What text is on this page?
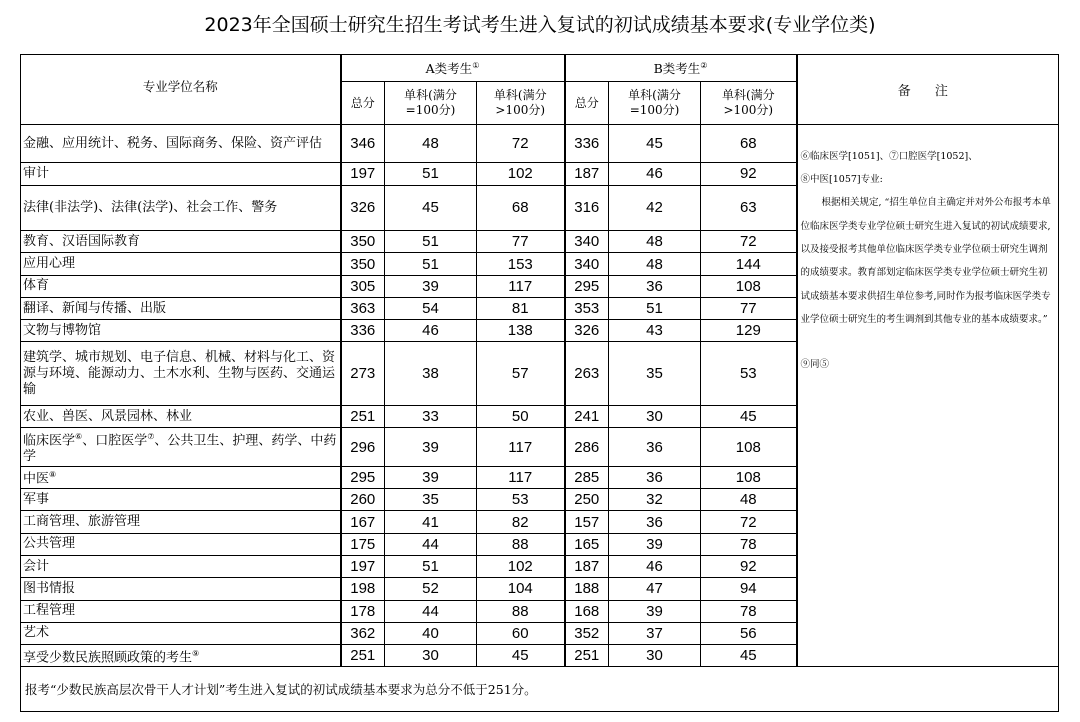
2023年全国硕士研究生招生考试考生进入复试的初试成绩基本要求(专业学位类)
专业学位名称	A类考生①			B类考生②			备 注
	总分	单科(满分
=100分)	单科(满分
>100分)	总分	单科(满分
=100分)	单科(满分
>100分)	
金融、应用统计、税务、国际商务、保险、资产评估	346	48	72	336	45	68	⑥临床医学[1051]、⑦口腔医学[1052]、

⑧中医[1057]专业:

根据相关规定, “招生单位自主确定并对外公布报考本单位临床医学类专业学位硕士研究生进入复试的初试成绩要求,以及接受报考其他单位临床医学类专业学位硕士研究生调剂的成绩要求。教育部划定临床医学类专业学位硕士研究生初试成绩基本要求供招生单位参考,同时作为报考临床医学类专业学位硕士研究生的考生调剂到其他专业的基本成绩要求。”

⑨同⑤

审计	197	51	102	187	46	92	
法律(非法学)、法律(法学)、社会工作、警务	326	45	68	316	42	63	
教育、汉语国际教育	350	51	77	340	48	72	
应用心理	350	51	153	340	48	144	
体育	305	39	117	295	36	108	
翻译、新闻与传播、出版	363	54	81	353	51	77	
文物与博物馆	336	46	138	326	43	129	
建筑学、城市规划、电子信息、机械、材料与化工、资源与环境、能源动力、土木水利、生物与医药、交通运输	273	38	57	263	35	53	
农业、兽医、风景园林、林业	251	33	50	241	30	45	
临床医学⑥、口腔医学⑦、公共卫生、护理、药学、中药学	296	39	117	286	36	108	
中医⑧	295	39	117	285	36	108	
军事	260	35	53	250	32	48	
工商管理、旅游管理	167	41	82	157	36	72	
公共管理	175	44	88	165	39	78	
会计	197	51	102	187	46	92	
图书情报	198	52	104	188	47	94	
工程管理	178	44	88	168	39	78	
艺术	362	40	60	352	37	56	
享受少数民族照顾政策的考生⑨	251	30	45	251	30	45	
报考“少数民族高层次骨干人才计划”考生进入复试的初试成绩基本要求为总分不低于251分。							
